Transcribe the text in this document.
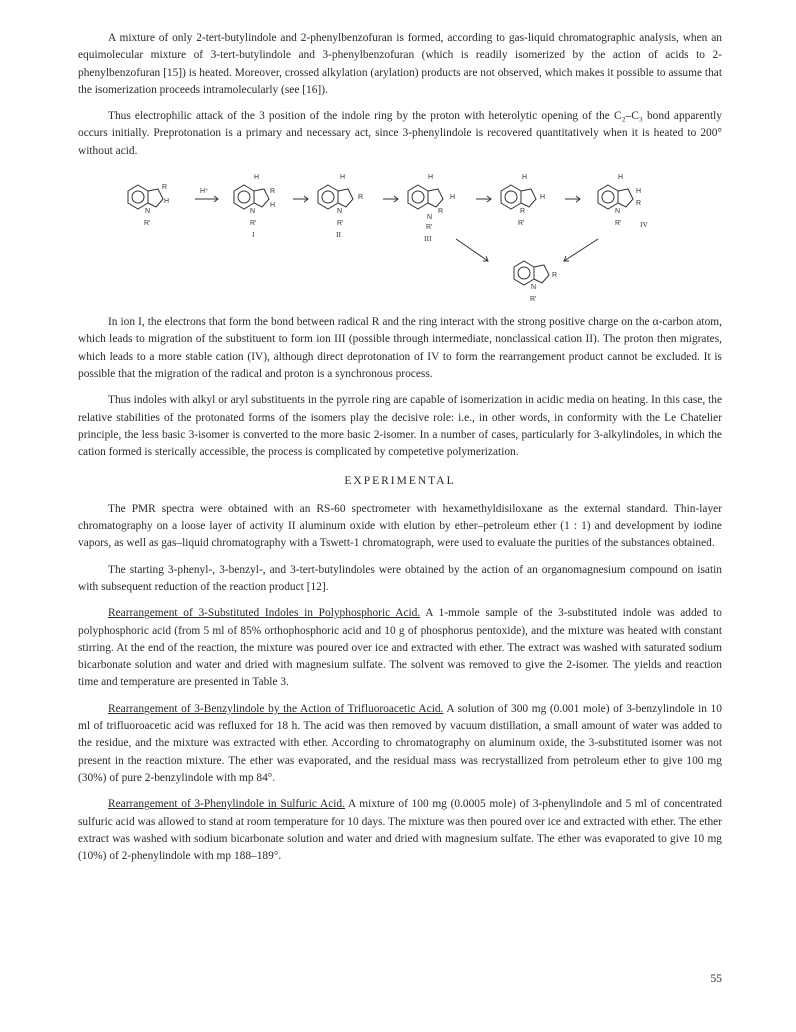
A mixture of only 2-tert-butylindole and 2-phenylbenzofuran is formed, according to gas-liquid chromatographic analysis, when an equimolecular mixture of 3-tert-butylindole and 3-phenylbenzofuran (which is readily isomerized by the action of acids to 2-phenylbenzofuran [15]) is heated. Moreover, crossed alkylation (arylation) products are not observed, which makes it possible to assume that the isomerization proceeds intramolecularly (see [16]).

Thus electrophilic attack of the 3 position of the indole ring by the proton with heterolytic opening of the C₂–C₃ bond apparently occurs initially. Preprotonation is a primary and necessary act, since 3-phenylindole is recovered quantitatively when it is heated to 200° without acid.

R
H
N
R'
H⁺
H
R
H
N
R'
I
H
R
N
R'
II
H
H
R
N
R'
III
H
H
R
R'
H
H
R
N
R' IV
R
N
R'

In ion I, the electrons that form the bond between radical R and the ring interact with the strong positive charge on the α-carbon atom, which leads to migration of the substituent to form ion III (possible through intermediate, nonclassical cation II). The proton then migrates, which leads to a more stable cation (IV), although direct deprotonation of IV to form the rearrangement product cannot be excluded. It is possible that the migration of the radical and proton is a synchronous process.

Thus indoles with alkyl or aryl substituents in the pyrrole ring are capable of isomerization in acidic media on heating. In this case, the relative stabilities of the protonated forms of the isomers play the decisive role: i.e., in other words, in conformity with the Le Chatelier principle, the less basic 3-isomer is converted to the more basic 2-isomer. In a number of cases, particularly for 3-alkylindoles, in which the cation formed is sterically accessible, the process is complicated by competetive polymerization.

EXPERIMENTAL

The PMR spectra were obtained with an RS-60 spectrometer with hexamethyldisiloxane as the external standard. Thin-layer chromatography on a loose layer of activity II aluminum oxide with elution by ether–petroleum ether (1 : 1) and development by iodine vapors, as well as gas–liquid chromatography with a Tswett-1 chromatograph, were used to evaluate the purities of the substances obtained.

The starting 3-phenyl-, 3-benzyl-, and 3-tert-butylindoles were obtained by the action of an organomagnesium compound on isatin with subsequent reduction of the reaction product [12].

Rearrangement of 3-Substituted Indoles in Polyphosphoric Acid. A 1-mmole sample of the 3-substituted indole was added to polyphosphoric acid (from 5 ml of 85% orthophosphoric acid and 10 g of phosphorus pentoxide), and the mixture was heated with constant stirring. At the end of the reaction, the mixture was poured over ice and extracted with ether. The extract was washed with saturated sodium bicarbonate solution and water and dried with magnesium sulfate. The solvent was removed to give the 2-isomer. The yields and reaction time and temperature are presented in Table 3.

Rearrangement of 3-Benzylindole by the Action of Trifluoroacetic Acid. A solution of 300 mg (0.001 mole) of 3-benzylindole in 10 ml of trifluoroacetic acid was refluxed for 18 h. The acid was then removed by vacuum distillation, a small amount of water was added to the residue, and the mixture was extracted with ether. According to chromatography on aluminum oxide, the 3-substituted isomer was not present in the reaction mixture. The ether was evaporated, and the residual mass was recrystallized from petroleum ether to give 100 mg (30%) of pure 2-benzylindole with mp 84°.

Rearrangement of 3-Phenylindole in Sulfuric Acid. A mixture of 100 mg (0.0005 mole) of 3-phenylindole and 5 ml of concentrated sulfuric acid was allowed to stand at room temperature for 10 days. The mixture was then poured over ice and extracted with ether. The ether extract was washed with sodium bicarbonate solution and water and dried with magnesium sulfate. The ether was evaporated to give 10 mg (10%) of 2-phenylindole with mp 188–189°.

55
